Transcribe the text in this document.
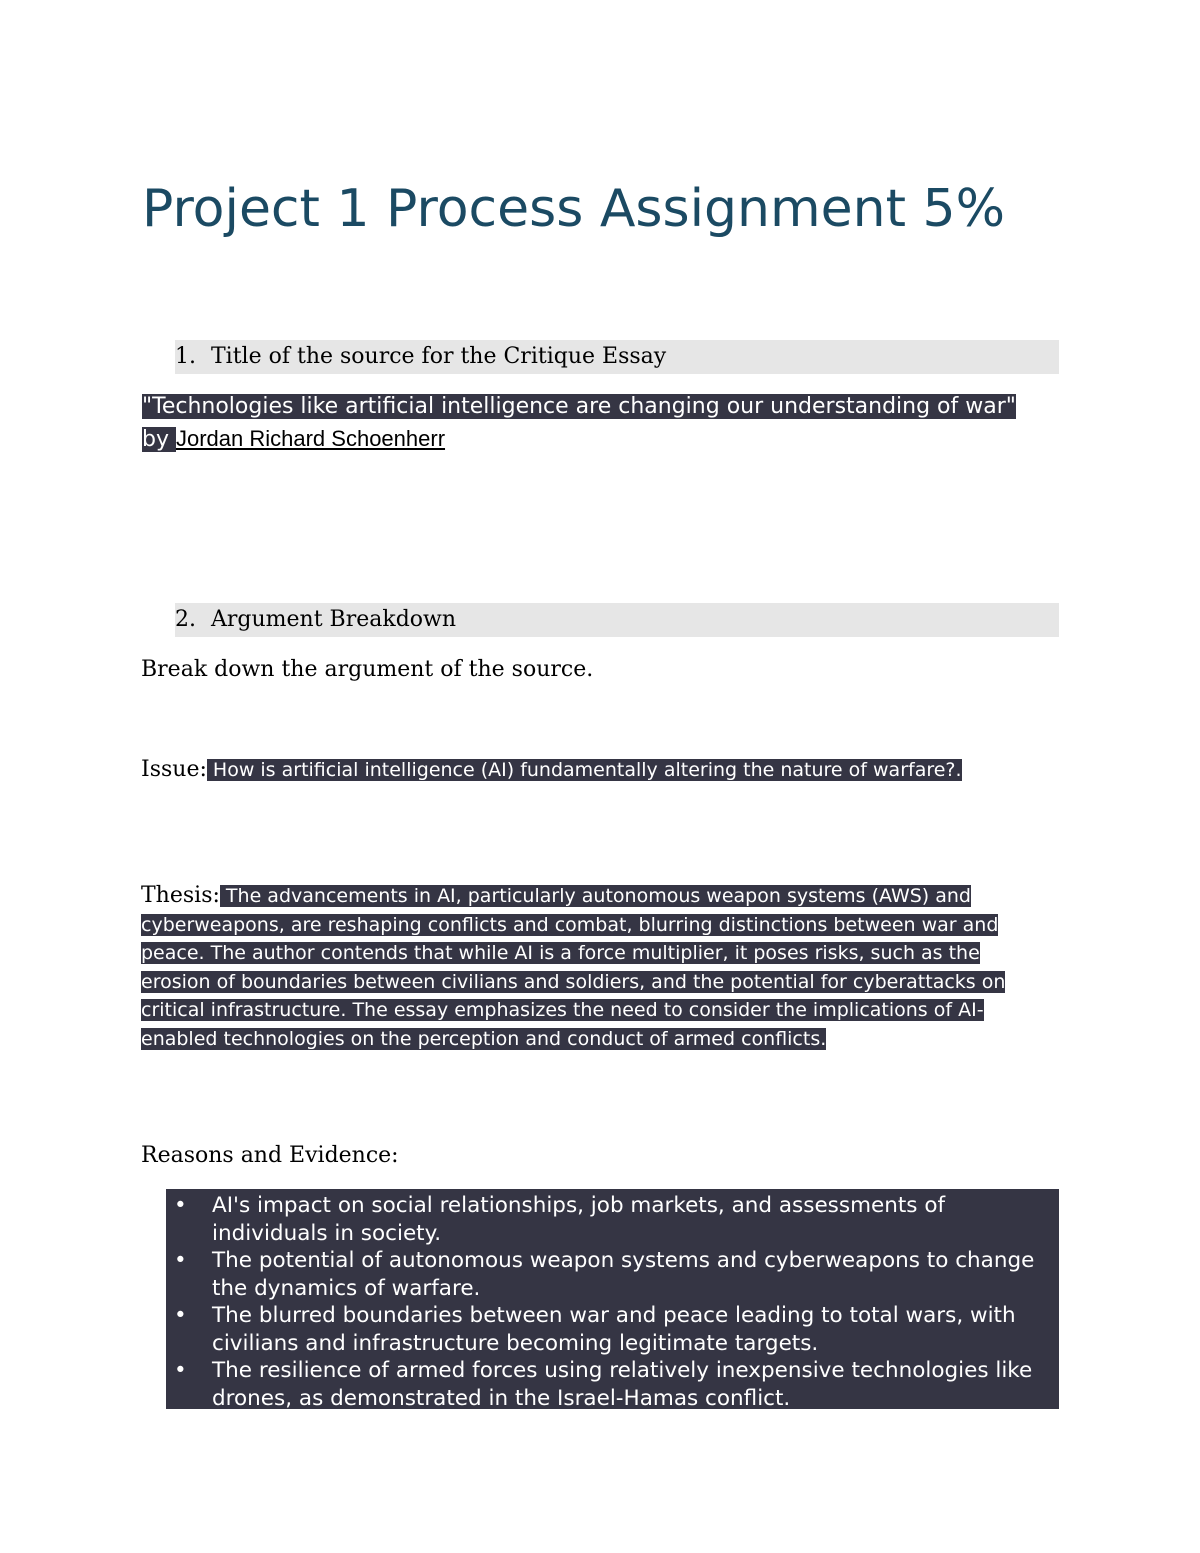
Project 1 Process Assignment 5%
1. Title of the source for the Critique Essay

"Technologies like artificial intelligence are changing our understanding of war" by Jordan Richard Schoenherr

2. Argument Breakdown

Break down the argument of the source.

Issue: How is artificial intelligence (AI) fundamentally altering the nature of warfare?.

Thesis: The advancements in AI, particularly autonomous weapon systems (AWS) and cyberweapons, are reshaping conflicts and combat, blurring distinctions between war and peace. The author contends that while AI is a force multiplier, it poses risks, such as the erosion of boundaries between civilians and soldiers, and the potential for cyberattacks on critical infrastructure. The essay emphasizes the need to consider the implications of AI-enabled technologies on the perception and conduct of armed conflicts.

Reasons and Evidence:

• AI's impact on social relationships, job markets, and assessments of individuals in society.
• The potential of autonomous weapon systems and cyberweapons to change the dynamics of warfare.
• The blurred boundaries between war and peace leading to total wars, with civilians and infrastructure becoming legitimate targets.
• The resilience of armed forces using relatively inexpensive technologies like drones, as demonstrated in the Israel-Hamas conflict.
